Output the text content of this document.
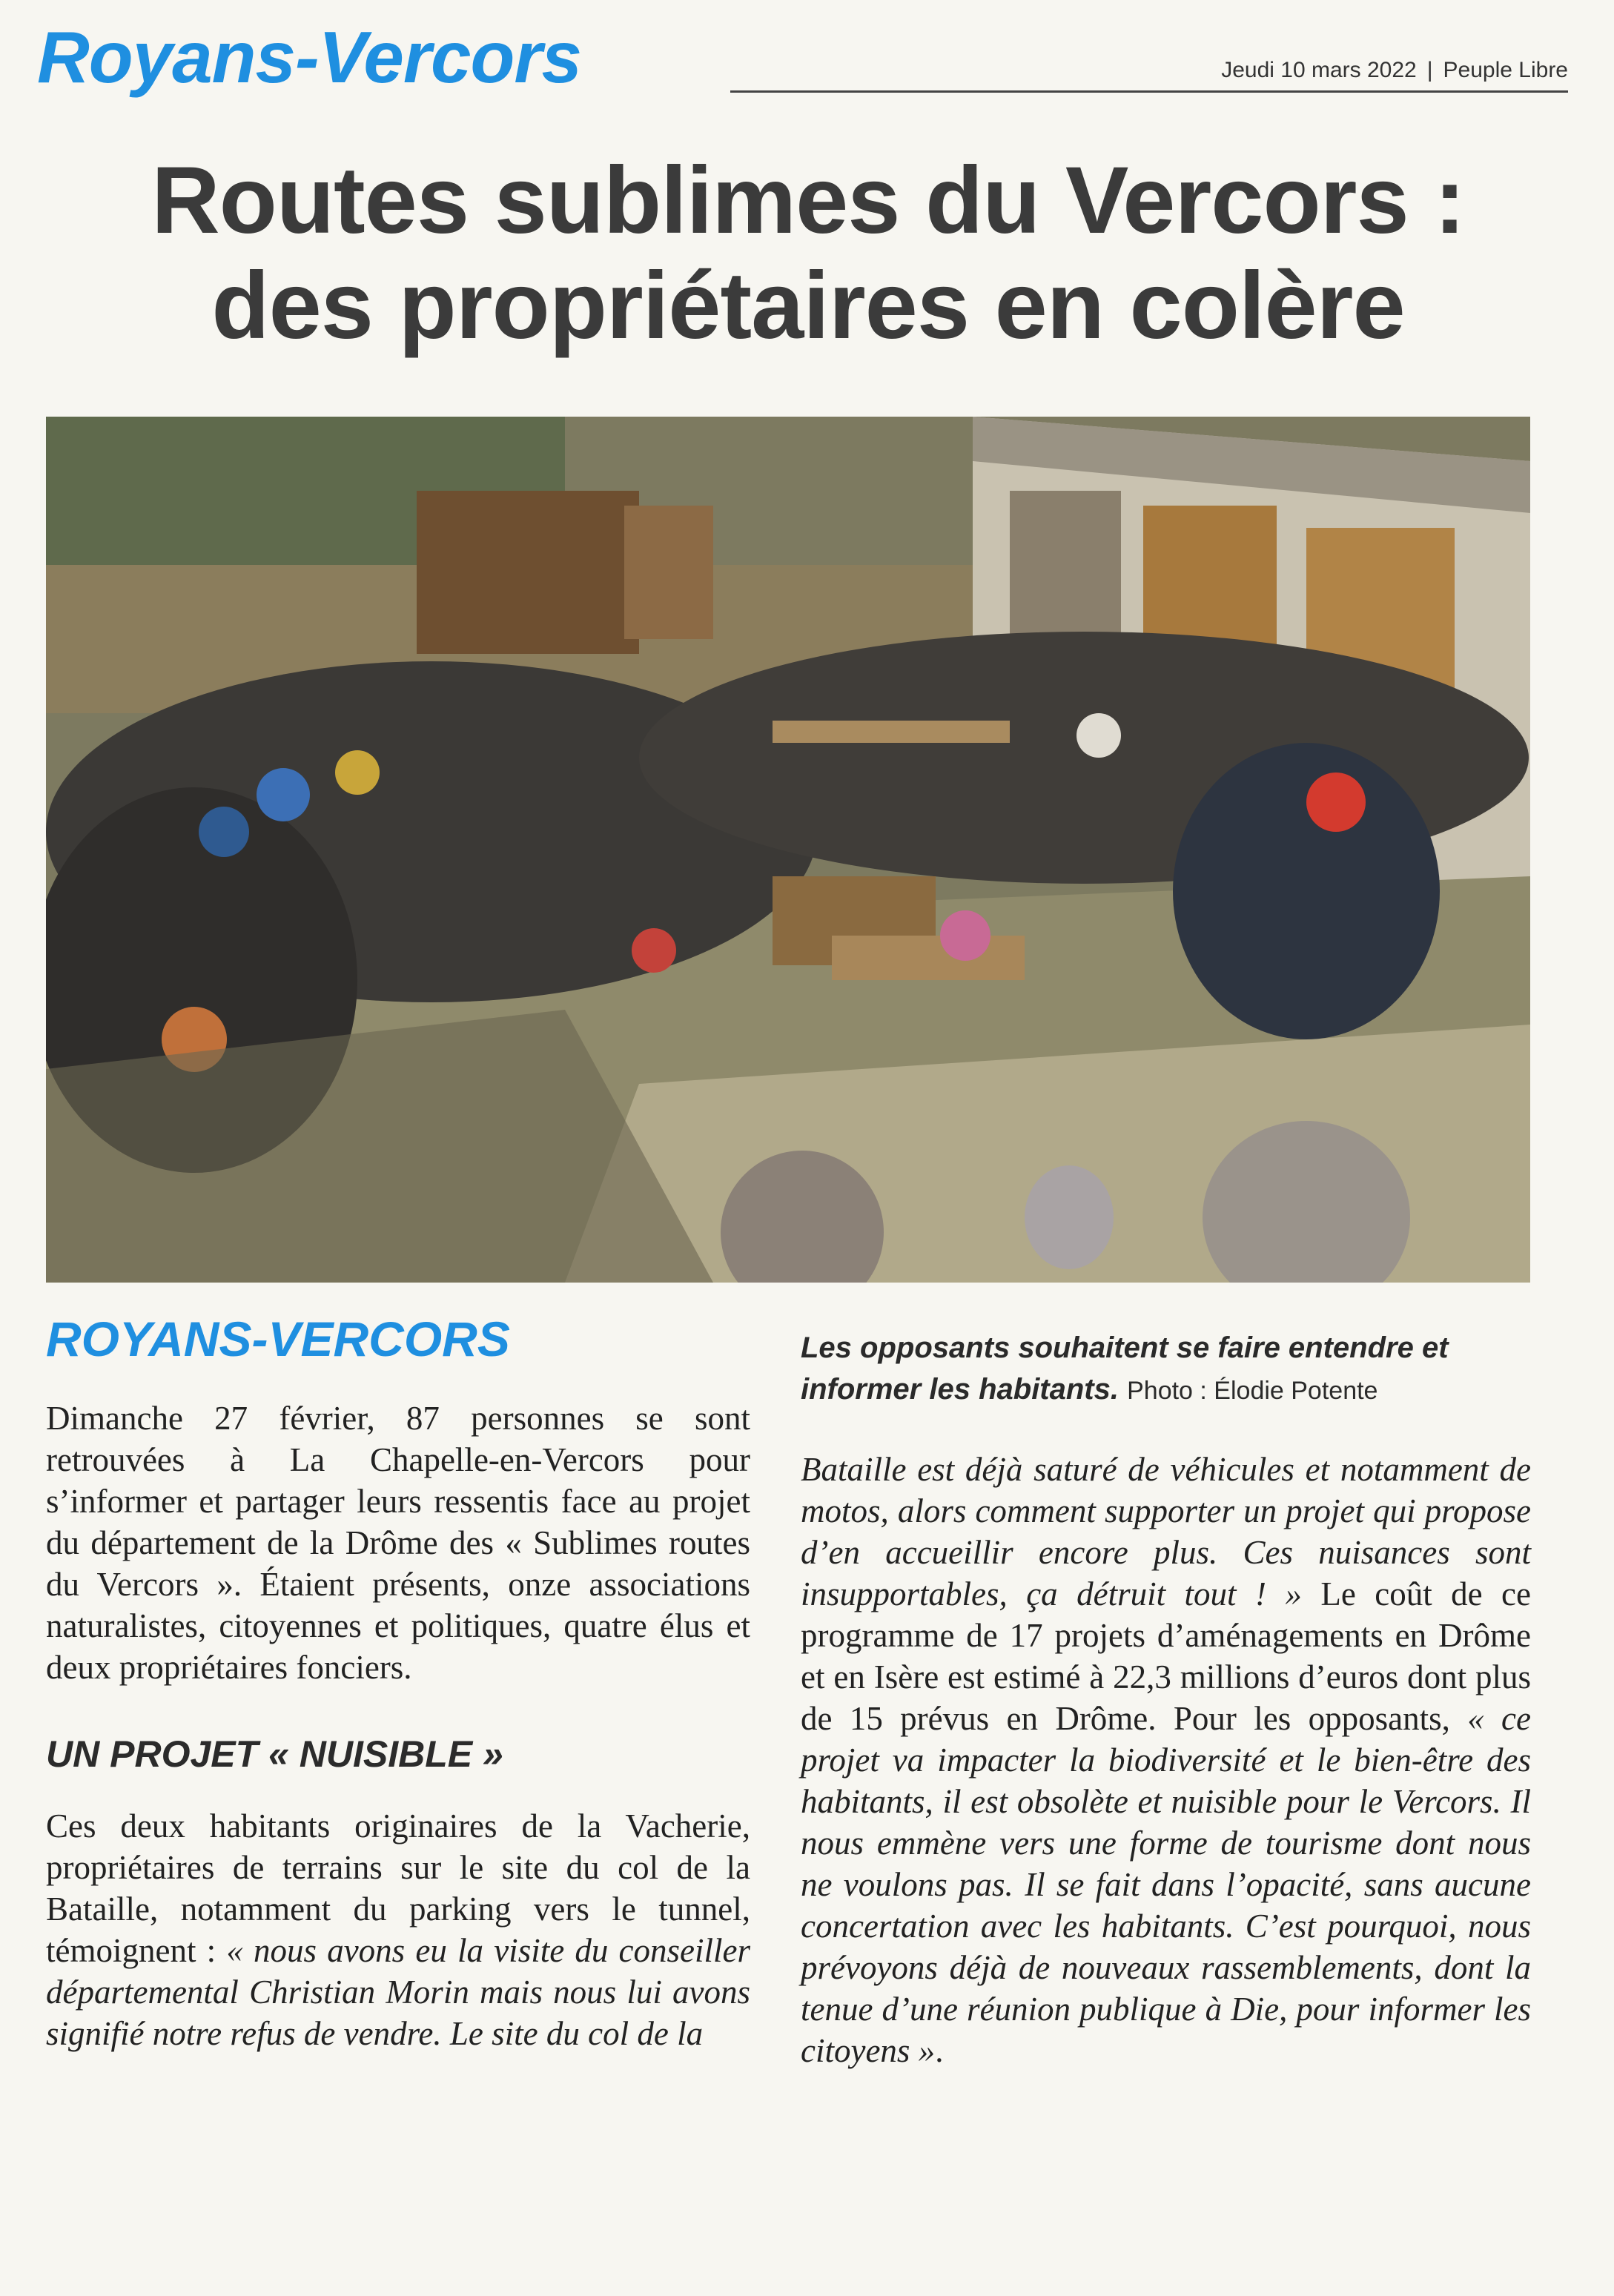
Royans-Vercors	Jeudi 10 mars 2022 | Peuple Libre
Routes sublimes du Vercors :
des propriétaires en colère
ROYANS-VERCORS

Dimanche 27 février, 87 personnes se sont retrouvées à La Chapelle-en-Vercors pour s’informer et partager leurs ressentis face au projet du département de la Drôme des « Sublimes routes du Vercors ». Étaient présents, onze associations naturalistes, citoyennes et politiques, quatre élus et deux propriétaires fonciers.

UN PROJET « NUISIBLE »

Ces deux habitants originaires de la Vacherie, propriétaires de terrains sur le site du col de la Bataille, notamment du parking vers le tunnel, témoignent : « nous avons eu la visite du conseiller départemental Christian Morin mais nous lui avons signifié notre refus de vendre. Le site du col de la

Les opposants souhaitent se faire entendre et informer les habitants. Photo : Élodie Potente

Bataille est déjà saturé de véhicules et notamment de motos, alors comment supporter un projet qui propose d’en accueillir encore plus. Ces nuisances sont insupportables, ça détruit tout ! » Le coût de ce programme de 17 projets d’aménagements en Drôme et en Isère est estimé à 22,3 millions d’euros dont plus de 15 prévus en Drôme. Pour les opposants, « ce projet va impacter la biodiversité et le bien-être des habitants, il est obsolète et nuisible pour le Vercors. Il nous emmène vers une forme de tourisme dont nous ne voulons pas. Il se fait dans l’opacité, sans aucune concertation avec les habitants. C’est pourquoi, nous prévoyons déjà de nouveaux rassemblements, dont la tenue d’une réunion publique à Die, pour informer les citoyens ».
